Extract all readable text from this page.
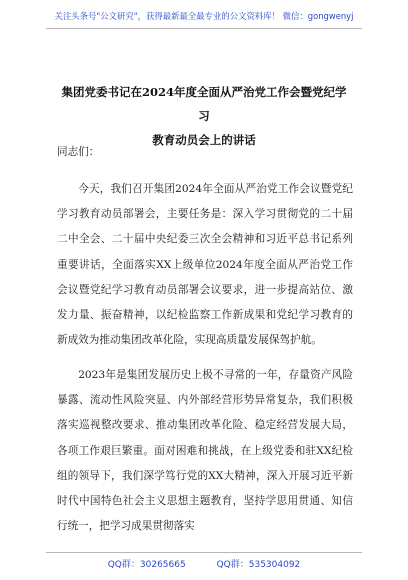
关注头条号"公文研究"，获得最新最全最专业的公文资料库！ 微信：gongwenyj
集团党委书记在2024年度全面从严治党工作会暨党纪学习
教育动员会上的讲话
同志们：

今天，我们召开集团2024年全面从严治党工作会议暨党纪学习教育动员部署会，主要任务是：深入学习贯彻党的二十届二中全会、二十届中央纪委三次全会精神和习近平总书记系列重要讲话，全面落实XX上级单位2024年度全面从严治党工作会议暨党纪学习教育动员部署会议要求，进一步提高站位、激发力量、振奋精神，以纪检监察工作新成果和党纪学习教育的新成效为推动集团改革化险，实现高质量发展保驾护航。

2023年是集团发展历史上极不寻常的一年，存量资产风险暴露、流动性风险突显、内外部经营形势异常复杂，我们积极落实巡视整改要求、推动集团改革化险、稳定经营发展大局，各项工作艰巨繁重。面对困难和挑战，在上级党委和驻XX纪检组的领导下，我们深学笃行党的XX大精神，深入开展习近平新时代中国特色社会主义思想主题教育，坚持学思用贯通、知信行统一，把学习成果贯彻落实

QQ群：30265665	QQ群：535304092
